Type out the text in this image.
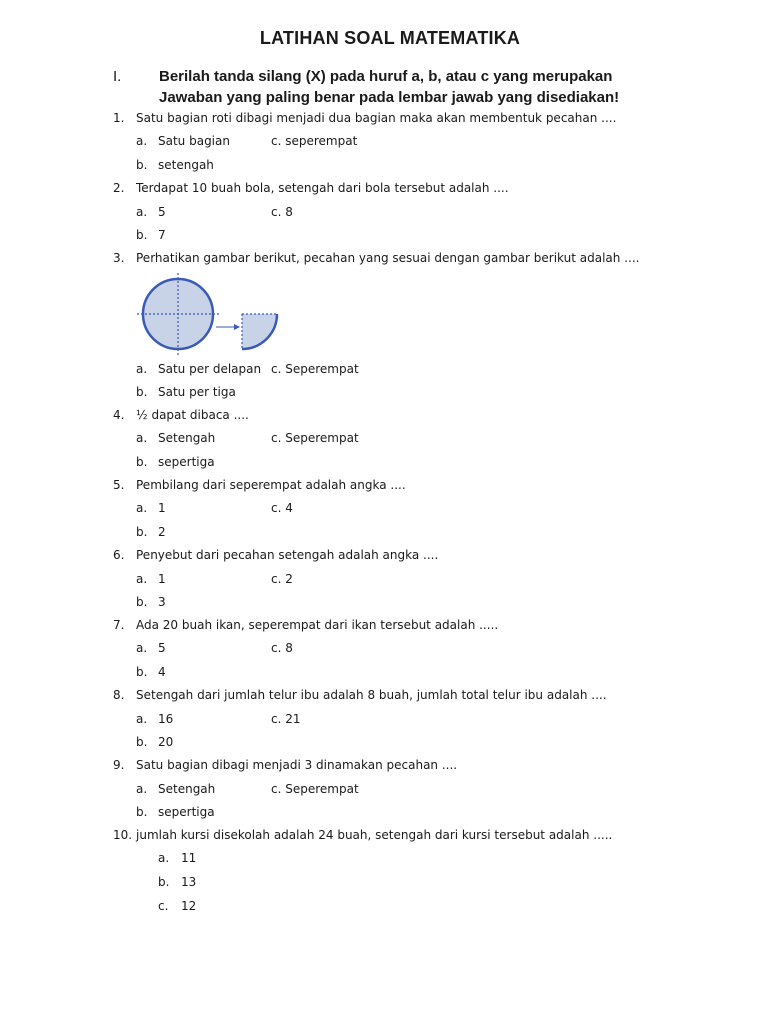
LATIHAN SOAL MATEMATIKA
I.	Berilah tanda silang (X) pada huruf a, b, atau c yang merupakan
Jawaban yang paling benar pada lembar jawab yang disediakan!
1. Satu bagian roti dibagi menjadi dua bagian maka akan membentuk pecahan ....
a. Satu bagian	c. seperempat
b. setengah
2. Terdapat 10 buah bola, setengah dari bola tersebut adalah ....
a. 5	c. 8
b. 7
3. Perhatikan gambar berikut, pecahan yang sesuai dengan gambar berikut adalah ....
a. Satu per delapan c. Seperempat
b. Satu per tiga
4. ½ dapat dibaca ....
a. Setengah	c. Seperempat
b. sepertiga
5. Pembilang dari seperempat adalah angka ....
a. 1	c. 4
b. 2
6. Penyebut dari pecahan setengah adalah angka ....
a. 1	c. 2
b. 3
7. Ada 20 buah ikan, seperempat dari ikan tersebut adalah .....
a. 5	c. 8
b. 4
8. Setengah dari jumlah telur ibu adalah 8 buah, jumlah total telur ibu adalah ....
a. 16	c. 21
b. 20
9. Satu bagian dibagi menjadi 3 dinamakan pecahan ....
a. Setengah	c. Seperempat
b. sepertiga
10. jumlah kursi disekolah adalah 24 buah, setengah dari kursi tersebut adalah .....
a. 11
b. 13
c. 12
